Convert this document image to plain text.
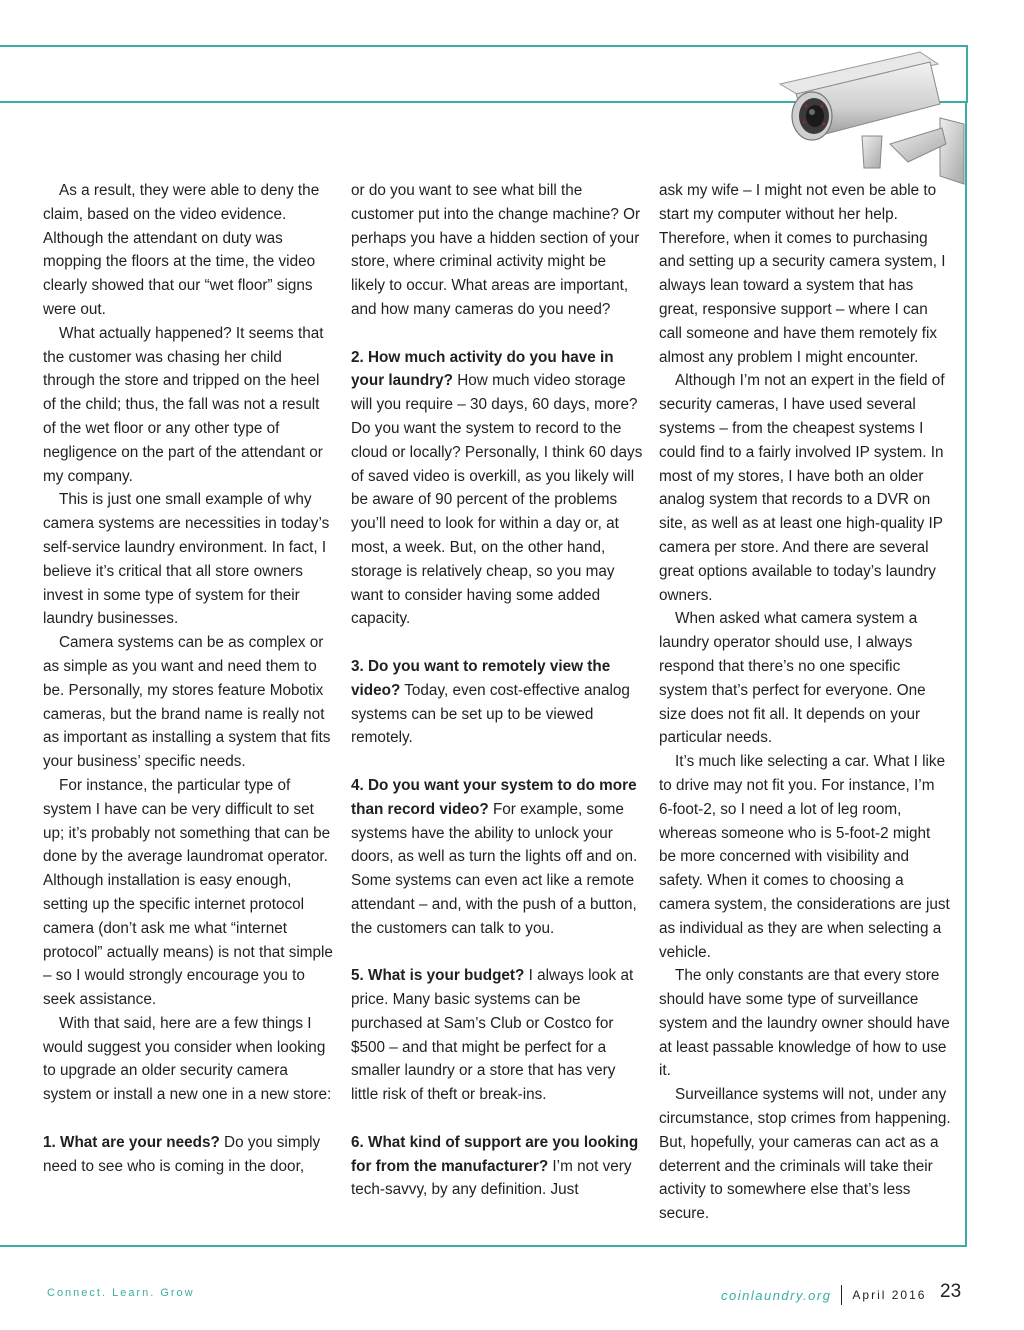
As a result, they were able to deny the claim, based on the video evidence. Although the attendant on duty was mopping the floors at the time, the video clearly showed that our “wet floor” signs were out.

What actually happened? It seems that the customer was chasing her child through the store and tripped on the heel of the child; thus, the fall was not a result of the wet floor or any other type of negligence on the part of the attendant or my company.

This is just one small example of why camera systems are necessities in today’s self-service laundry environment. In fact, I believe it’s critical that all store owners invest in some type of system for their laundry businesses.

Camera systems can be as complex or as simple as you want and need them to be. Personally, my stores feature Mobotix cameras, but the brand name is really not as important as installing a system that fits your business’ specific needs.

For instance, the particular type of system I have can be very difficult to set up; it’s probably not something that can be done by the average laundromat operator. Although installation is easy enough, setting up the specific internet protocol camera (don’t ask me what “internet protocol” actually means) is not that simple – so I would strongly encourage you to seek assistance.

With that said, here are a few things I would suggest you consider when looking to upgrade an older security camera system or install a new one in a new store:

1. What are your needs? Do you simply need to see who is coming in the door,

or do you want to see what bill the customer put into the change machine? Or perhaps you have a hidden section of your store, where criminal activity might be likely to occur. What areas are important, and how many cameras do you need?

2. How much activity do you have in your laundry? How much video storage will you require – 30 days, 60 days, more? Do you want the system to record to the cloud or locally? Personally, I think 60 days of saved video is overkill, as you likely will be aware of 90 percent of the problems you’ll need to look for within a day or, at most, a week. But, on the other hand, storage is relatively cheap, so you may want to consider having some added capacity.

3. Do you want to remotely view the video? Today, even cost-effective analog systems can be set up to be viewed remotely.

4. Do you want your system to do more than record video? For example, some systems have the ability to unlock your doors, as well as turn the lights off and on. Some systems can even act like a remote attendant – and, with the push of a button, the customers can talk to you.

5. What is your budget? I always look at price. Many basic systems can be purchased at Sam’s Club or Costco for $500 – and that might be perfect for a smaller laundry or a store that has very little risk of theft or break-ins.

6. What kind of support are you looking for from the manufacturer? I’m not very tech-savvy, by any definition. Just

ask my wife – I might not even be able to start my computer without her help. Therefore, when it comes to purchasing and setting up a security camera system, I always lean toward a system that has great, responsive support – where I can call someone and have them remotely fix almost any problem I might encounter.

Although I’m not an expert in the field of security cameras, I have used several systems – from the cheapest systems I could find to a fairly involved IP system. In most of my stores, I have both an older analog system that records to a DVR on site, as well as at least one high-quality IP camera per store. And there are several great options available to today’s laundry owners.

When asked what camera system a laundry operator should use, I always respond that there’s no one specific system that’s perfect for everyone. One size does not fit all. It depends on your particular needs.

It’s much like selecting a car. What I like to drive may not fit you. For instance, I’m 6-foot-2, so I need a lot of leg room, whereas someone who is 5-foot-2 might be more concerned with visibility and safety. When it comes to choosing a camera system, the considerations are just as individual as they are when selecting a vehicle.

The only constants are that every store should have some type of surveillance system and the laundry owner should have at least passable knowledge of how to use it.

Surveillance systems will not, under any circumstance, stop crimes from happening. But, hopefully, your cameras can act as a deterrent and the criminals will take their activity to somewhere else that’s less secure.

Connect. Learn. Grow	coinlaundry.org April 2016 23
